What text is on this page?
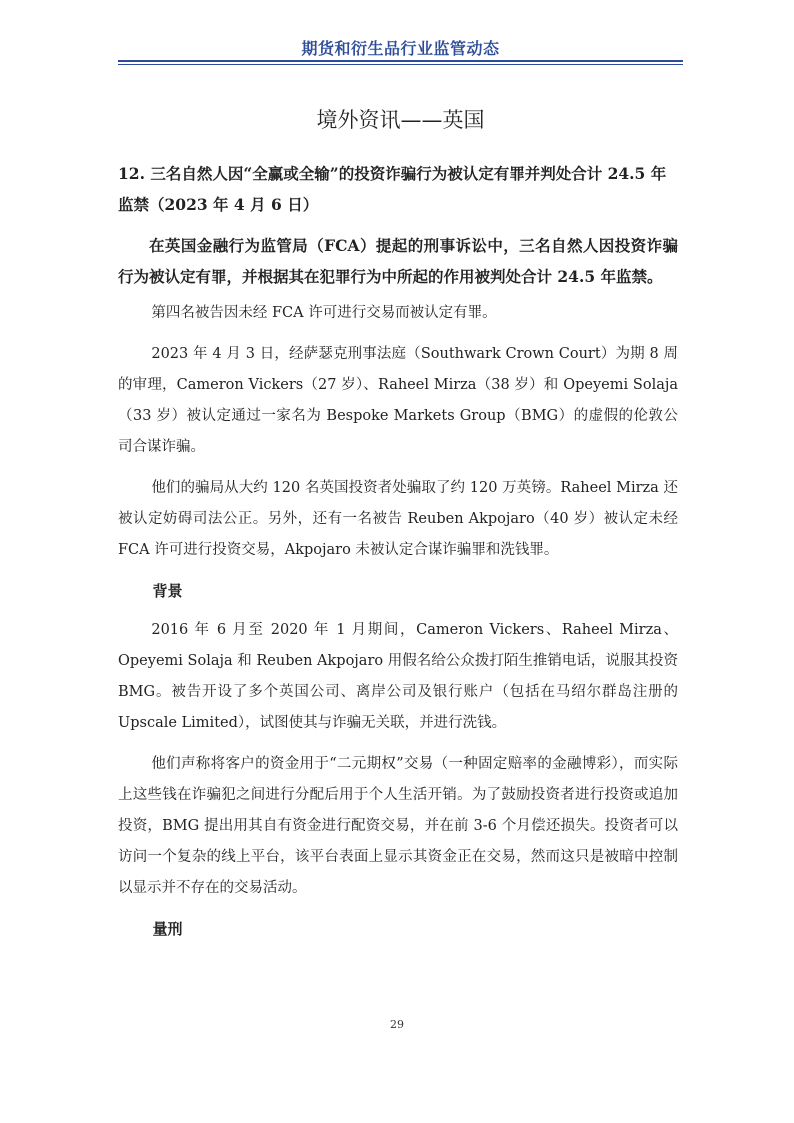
期货和衍生品行业监管动态
境外资讯——英国

12. 三名自然人因“全赢或全输”的投资诈骗行为被认定有罪并判处合计 24.5 年监禁（2023 年 4 月 6 日）

在英国金融行为监管局（FCA）提起的刑事诉讼中，三名自然人因投资诈骗行为被认定有罪，并根据其在犯罪行为中所起的作用被判处合计 24.5 年监禁。

第四名被告因未经 FCA 许可进行交易而被认定有罪。

2023 年 4 月 3 日，经萨瑟克刑事法庭（Southwark Crown Court）为期 8 周的审理，Cameron Vickers（27 岁）、Raheel Mirza（38 岁）和 Opeyemi Solaja（33 岁）被认定通过一家名为 Bespoke Markets Group（BMG）的虚假的伦敦公司合谋诈骗。

他们的骗局从大约 120 名英国投资者处骗取了约 120 万英镑。Raheel Mirza 还被认定妨碍司法公正。另外，还有一名被告 Reuben Akpojaro（40 岁）被认定未经 FCA 许可进行投资交易，Akpojaro 未被认定合谋诈骗罪和洗钱罪。

背景

2016 年 6 月至 2020 年 1 月期间，Cameron Vickers、Raheel Mirza、Opeyemi Solaja 和 Reuben Akpojaro 用假名给公众拨打陌生推销电话，说服其投资 BMG。被告开设了多个英国公司、离岸公司及银行账户（包括在马绍尔群岛注册的 Upscale Limited），试图使其与诈骗无关联，并进行洗钱。

他们声称将客户的资金用于“二元期权”交易（一种固定赔率的金融博彩），而实际上这些钱在诈骗犯之间进行分配后用于个人生活开销。为了鼓励投资者进行投资或追加投资，BMG 提出用其自有资金进行配资交易，并在前 3-6 个月偿还损失。投资者可以访问一个复杂的线上平台，该平台表面上显示其资金正在交易，然而这只是被暗中控制以显示并不存在的交易活动。

量刑

29
